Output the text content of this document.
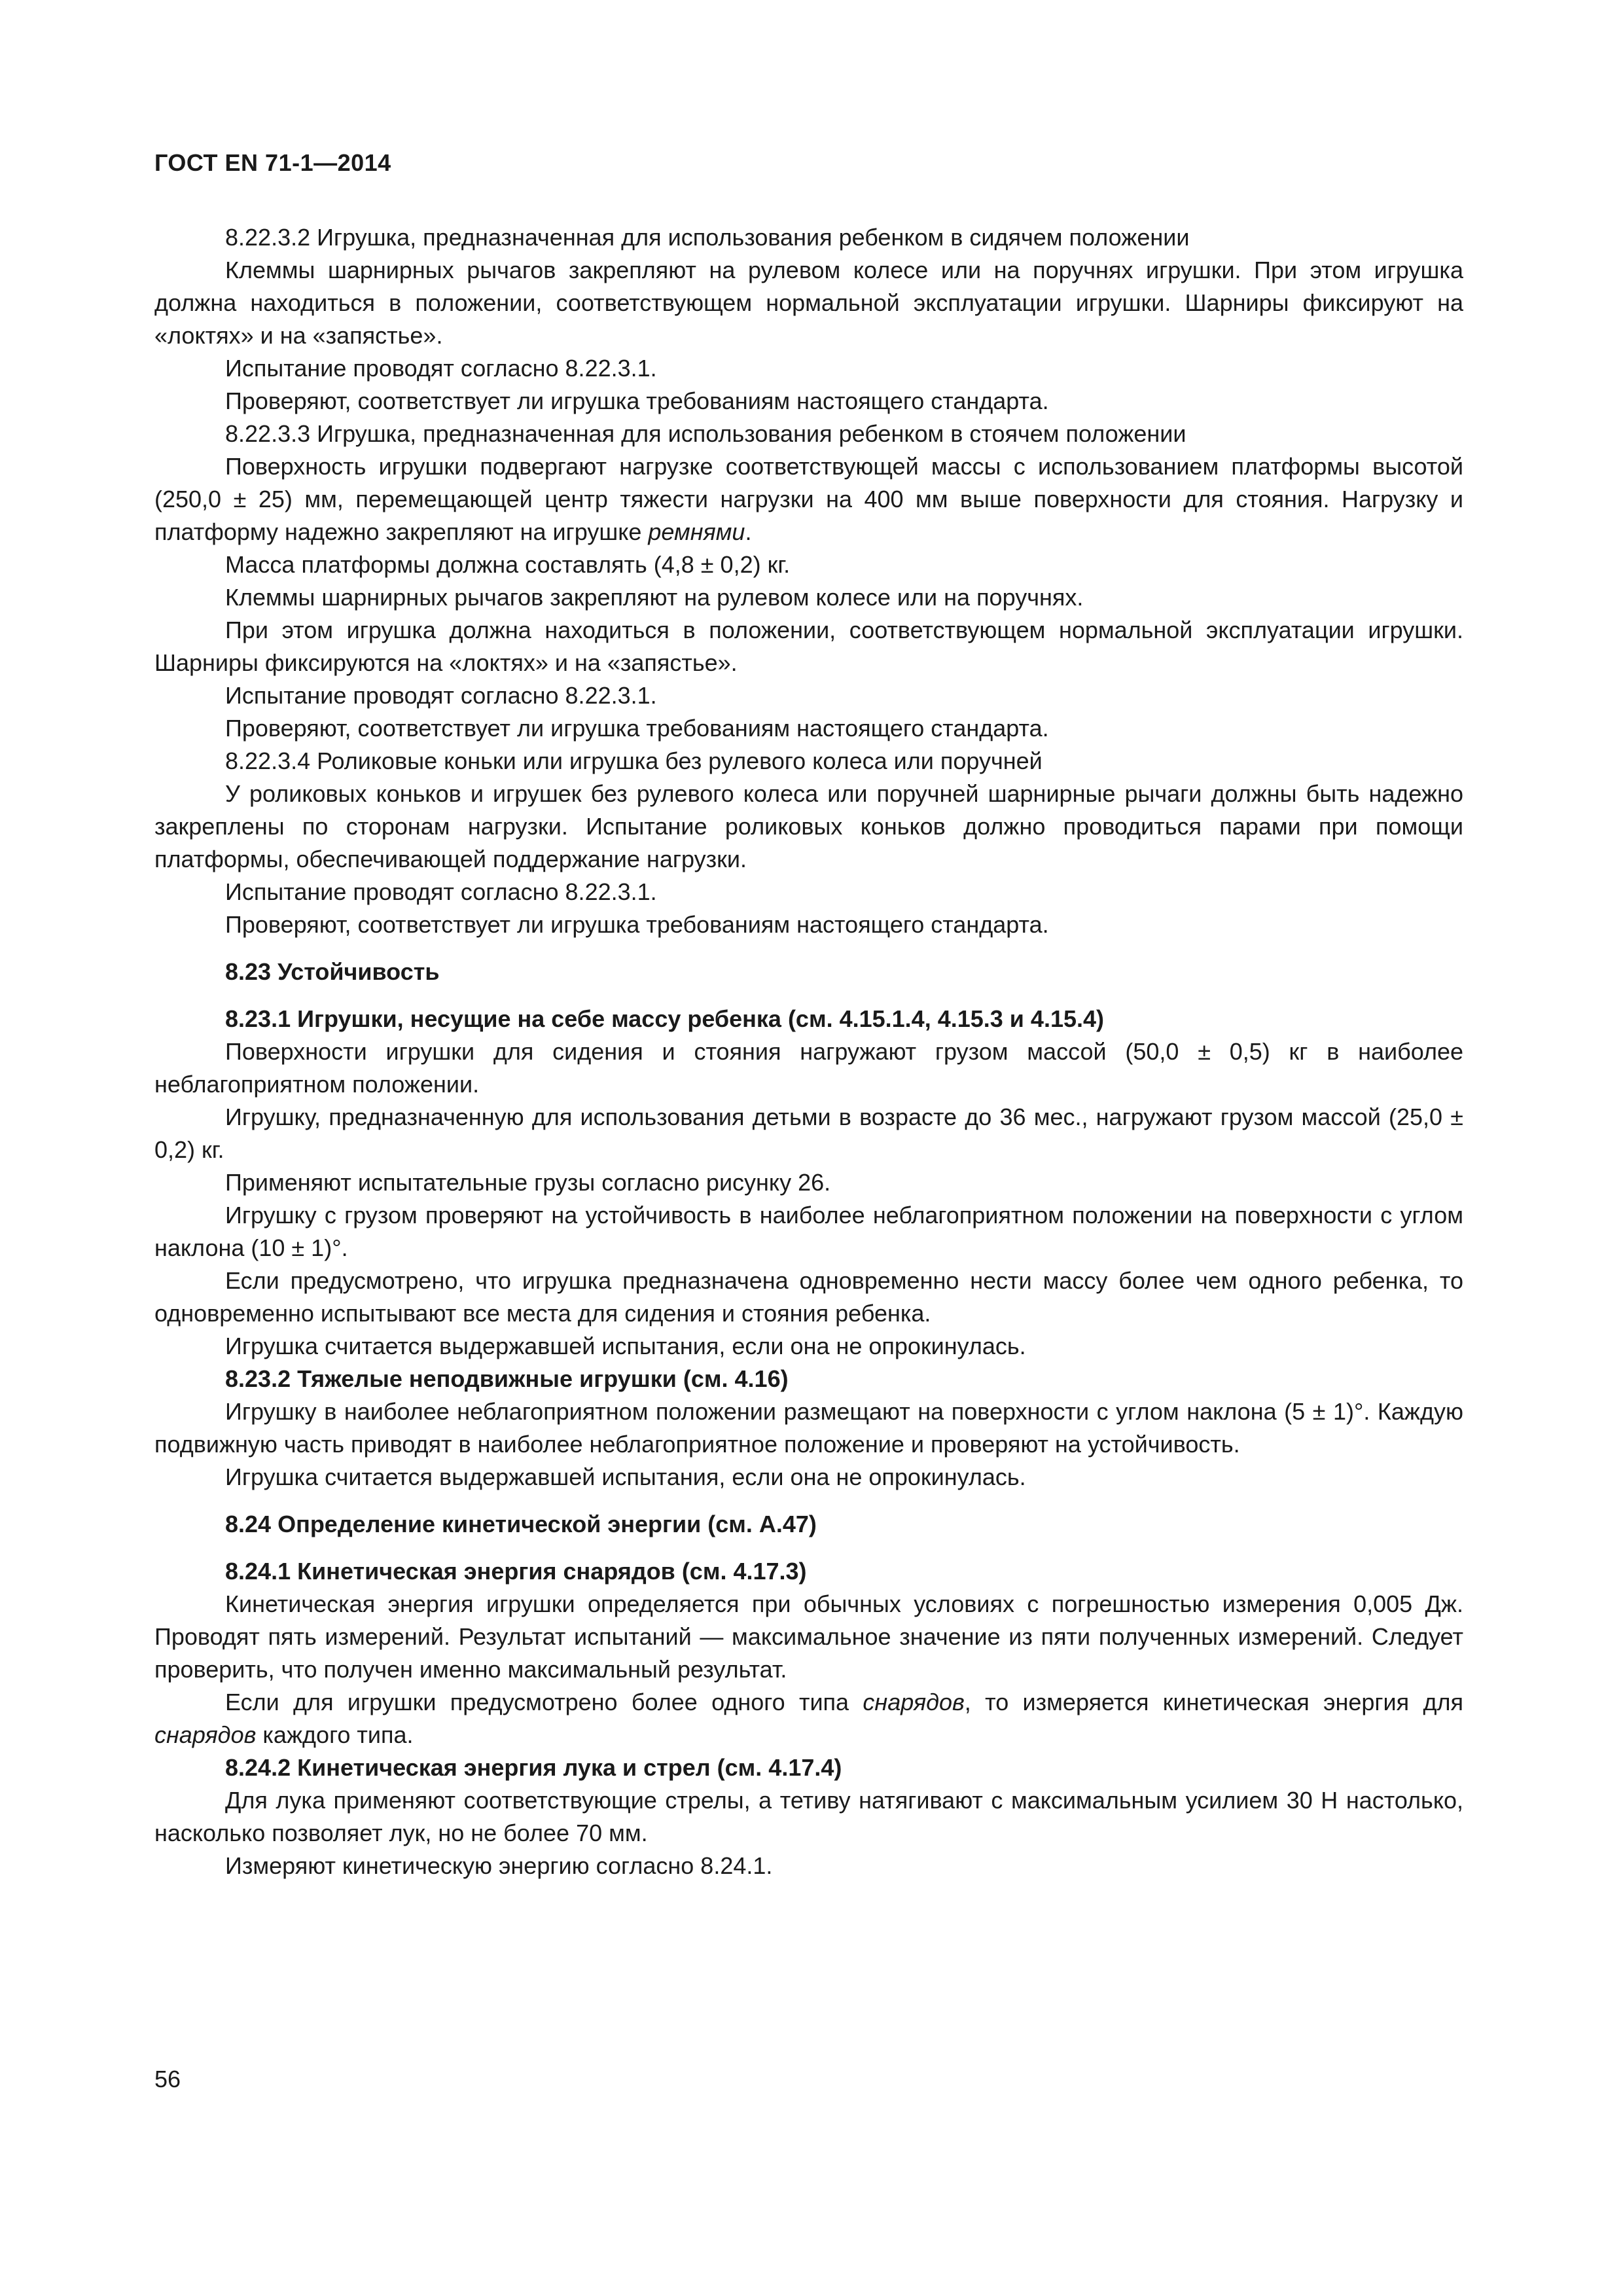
ГОСТ EN 71-1—2014

8.22.3.2 Игрушка, предназначенная для использования ребенком в сидячем положении

Клеммы шарнирных рычагов закрепляют на рулевом колесе или на поручнях игрушки. При этом игрушка должна находиться в положении, соответствующем нормальной эксплуатации игрушки. Шарниры фиксируют на «локтях» и на «запястье».

Испытание проводят согласно 8.22.3.1.

Проверяют, соответствует ли игрушка требованиям настоящего стандарта.

8.22.3.3 Игрушка, предназначенная для использования ребенком в стоячем положении

Поверхность игрушки подвергают нагрузке соответствующей массы с использованием платформы высотой (250,0 ± 25) мм, перемещающей центр тяжести нагрузки на 400 мм выше поверхности для стояния. Нагрузку и платформу надежно закрепляют на игрушке ремнями.

Масса платформы должна составлять (4,8 ± 0,2) кг.

Клеммы шарнирных рычагов закрепляют на рулевом колесе или на поручнях.

При этом игрушка должна находиться в положении, соответствующем нормальной эксплуатации игрушки. Шарниры фиксируются на «локтях» и на «запястье».

Испытание проводят согласно 8.22.3.1.

Проверяют, соответствует ли игрушка требованиям настоящего стандарта.

8.22.3.4 Роликовые коньки или игрушка без рулевого колеса или поручней

У роликовых коньков и игрушек без рулевого колеса или поручней шарнирные рычаги должны быть надежно закреплены по сторонам нагрузки. Испытание роликовых коньков должно проводиться парами при помощи платформы, обеспечивающей поддержание нагрузки.

Испытание проводят согласно 8.22.3.1.

Проверяют, соответствует ли игрушка требованиям настоящего стандарта.

8.23 Устойчивость

8.23.1 Игрушки, несущие на себе массу ребенка (см. 4.15.1.4, 4.15.3 и 4.15.4)

Поверхности игрушки для сидения и стояния нагружают грузом массой (50,0 ± 0,5) кг в наиболее неблагоприятном положении.

Игрушку, предназначенную для использования детьми в возрасте до 36 мес., нагружают грузом массой (25,0 ± 0,2) кг.

Применяют испытательные грузы согласно рисунку 26.

Игрушку с грузом проверяют на устойчивость в наиболее неблагоприятном положении на поверхности с углом наклона (10 ± 1)°.

Если предусмотрено, что игрушка предназначена одновременно нести массу более чем одного ребенка, то одновременно испытывают все места для сидения и стояния ребенка.

Игрушка считается выдержавшей испытания, если она не опрокинулась.

8.23.2 Тяжелые неподвижные игрушки (см. 4.16)

Игрушку в наиболее неблагоприятном положении размещают на поверхности с углом наклона (5 ± 1)°. Каждую подвижную часть приводят в наиболее неблагоприятное положение и проверяют на устойчивость.

Игрушка считается выдержавшей испытания, если она не опрокинулась.

8.24 Определение кинетической энергии (см. А.47)

8.24.1 Кинетическая энергия снарядов (см. 4.17.3)

Кинетическая энергия игрушки определяется при обычных условиях с погрешностью измерения 0,005 Дж. Проводят пять измерений. Результат испытаний — максимальное значение из пяти полученных измерений. Следует проверить, что получен именно максимальный результат.

Если для игрушки предусмотрено более одного типа снарядов, то измеряется кинетическая энергия для снарядов каждого типа.

8.24.2 Кинетическая энергия лука и стрел (см. 4.17.4)

Для лука применяют соответствующие стрелы, а тетиву натягивают с максимальным усилием 30 Н настолько, насколько позволяет лук, но не более 70 мм.

Измеряют кинетическую энергию согласно 8.24.1.

56
